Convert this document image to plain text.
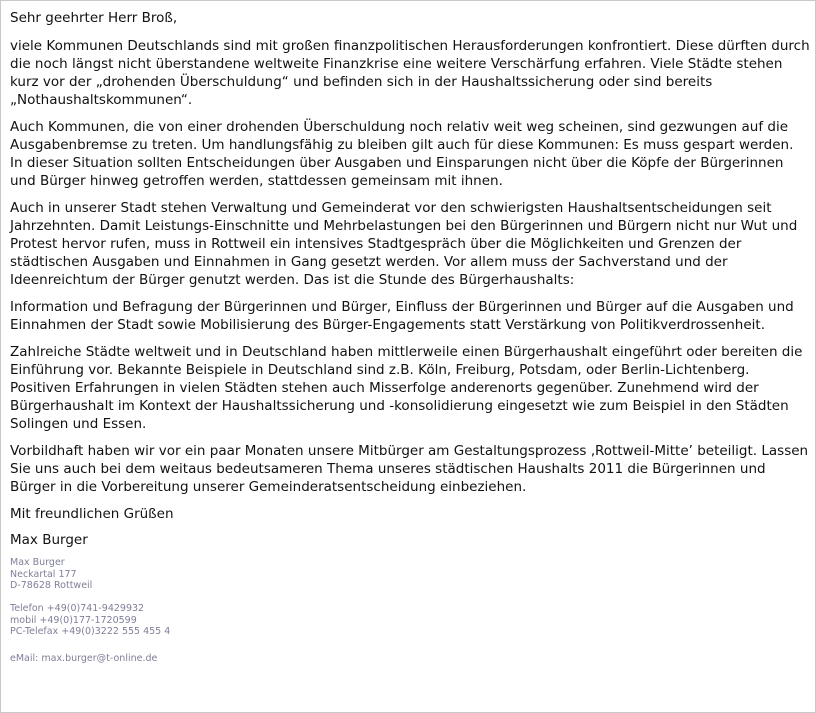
Sehr geehrter Herr Broß,

viele Kommunen Deutschlands sind mit großen finanzpolitischen Herausforderungen konfrontiert. Diese dürften durch die noch längst nicht überstandene weltweite Finanzkrise eine weitere Verschärfung erfahren. Viele Städte stehen kurz vor der „drohenden Überschuldung“ und befinden sich in der Haushaltssicherung oder sind bereits „Nothaushaltskommunen“.

Auch Kommunen, die von einer drohenden Überschuldung noch relativ weit weg scheinen, sind gezwungen auf die Ausgabenbremse zu treten. Um handlungsfähig zu bleiben gilt auch für diese Kommunen: Es muss gespart werden. In dieser Situation sollten Entscheidungen über Ausgaben und Einsparungen nicht über die Köpfe der Bürgerinnen und Bürger hinweg getroffen werden, stattdessen gemeinsam mit ihnen.

Auch in unserer Stadt stehen Verwaltung und Gemeinderat vor den schwierigsten Haushaltsentscheidungen seit Jahrzehnten. Damit Leistungs-Einschnitte und Mehrbelastungen bei den Bürgerinnen und Bürgern nicht nur Wut und Protest hervor rufen, muss in Rottweil ein intensives Stadtgespräch über die Möglichkeiten und Grenzen der städtischen Ausgaben und Einnahmen in Gang gesetzt werden. Vor allem muss der Sachverstand und der Ideenreichtum der Bürger genutzt werden. Das ist die Stunde des Bürgerhaushalts:

Information und Befragung der Bürgerinnen und Bürger, Einfluss der Bürgerinnen und Bürger auf die Ausgaben und Einnahmen der Stadt sowie Mobilisierung des Bürger-Engagements statt Verstärkung von Politikverdrossenheit.

Zahlreiche Städte weltweit und in Deutschland haben mittlerweile einen Bürgerhaushalt eingeführt oder bereiten die Einführung vor. Bekannte Beispiele in Deutschland sind z.B. Köln, Freiburg, Potsdam, oder Berlin-Lichtenberg. Positiven Erfahrungen in vielen Städten stehen auch Misserfolge anderenorts gegenüber. Zunehmend wird der Bürgerhaushalt im Kontext der Haushaltssicherung und -konsolidierung eingesetzt wie zum Beispiel in den Städten Solingen und Essen.

Vorbildhaft haben wir vor ein paar Monaten unsere Mitbürger am Gestaltungsprozess ‚Rottweil-Mitte’ beteiligt. Lassen Sie uns auch bei dem weitaus bedeutsameren Thema unseres städtischen Haushalts 2011 die Bürgerinnen und Bürger in die Vorbereitung unserer Gemeinderatsentscheidung einbeziehen.

Mit freundlichen Grüßen

Max Burger

Max Burger
Neckartal 177
D-78628 Rottweil
Telefon +49(0)741-9429932
mobil +49(0)177-1720599
PC-Telefax +49(0)3222 555 455 4
eMail: max.burger@t-online.de
